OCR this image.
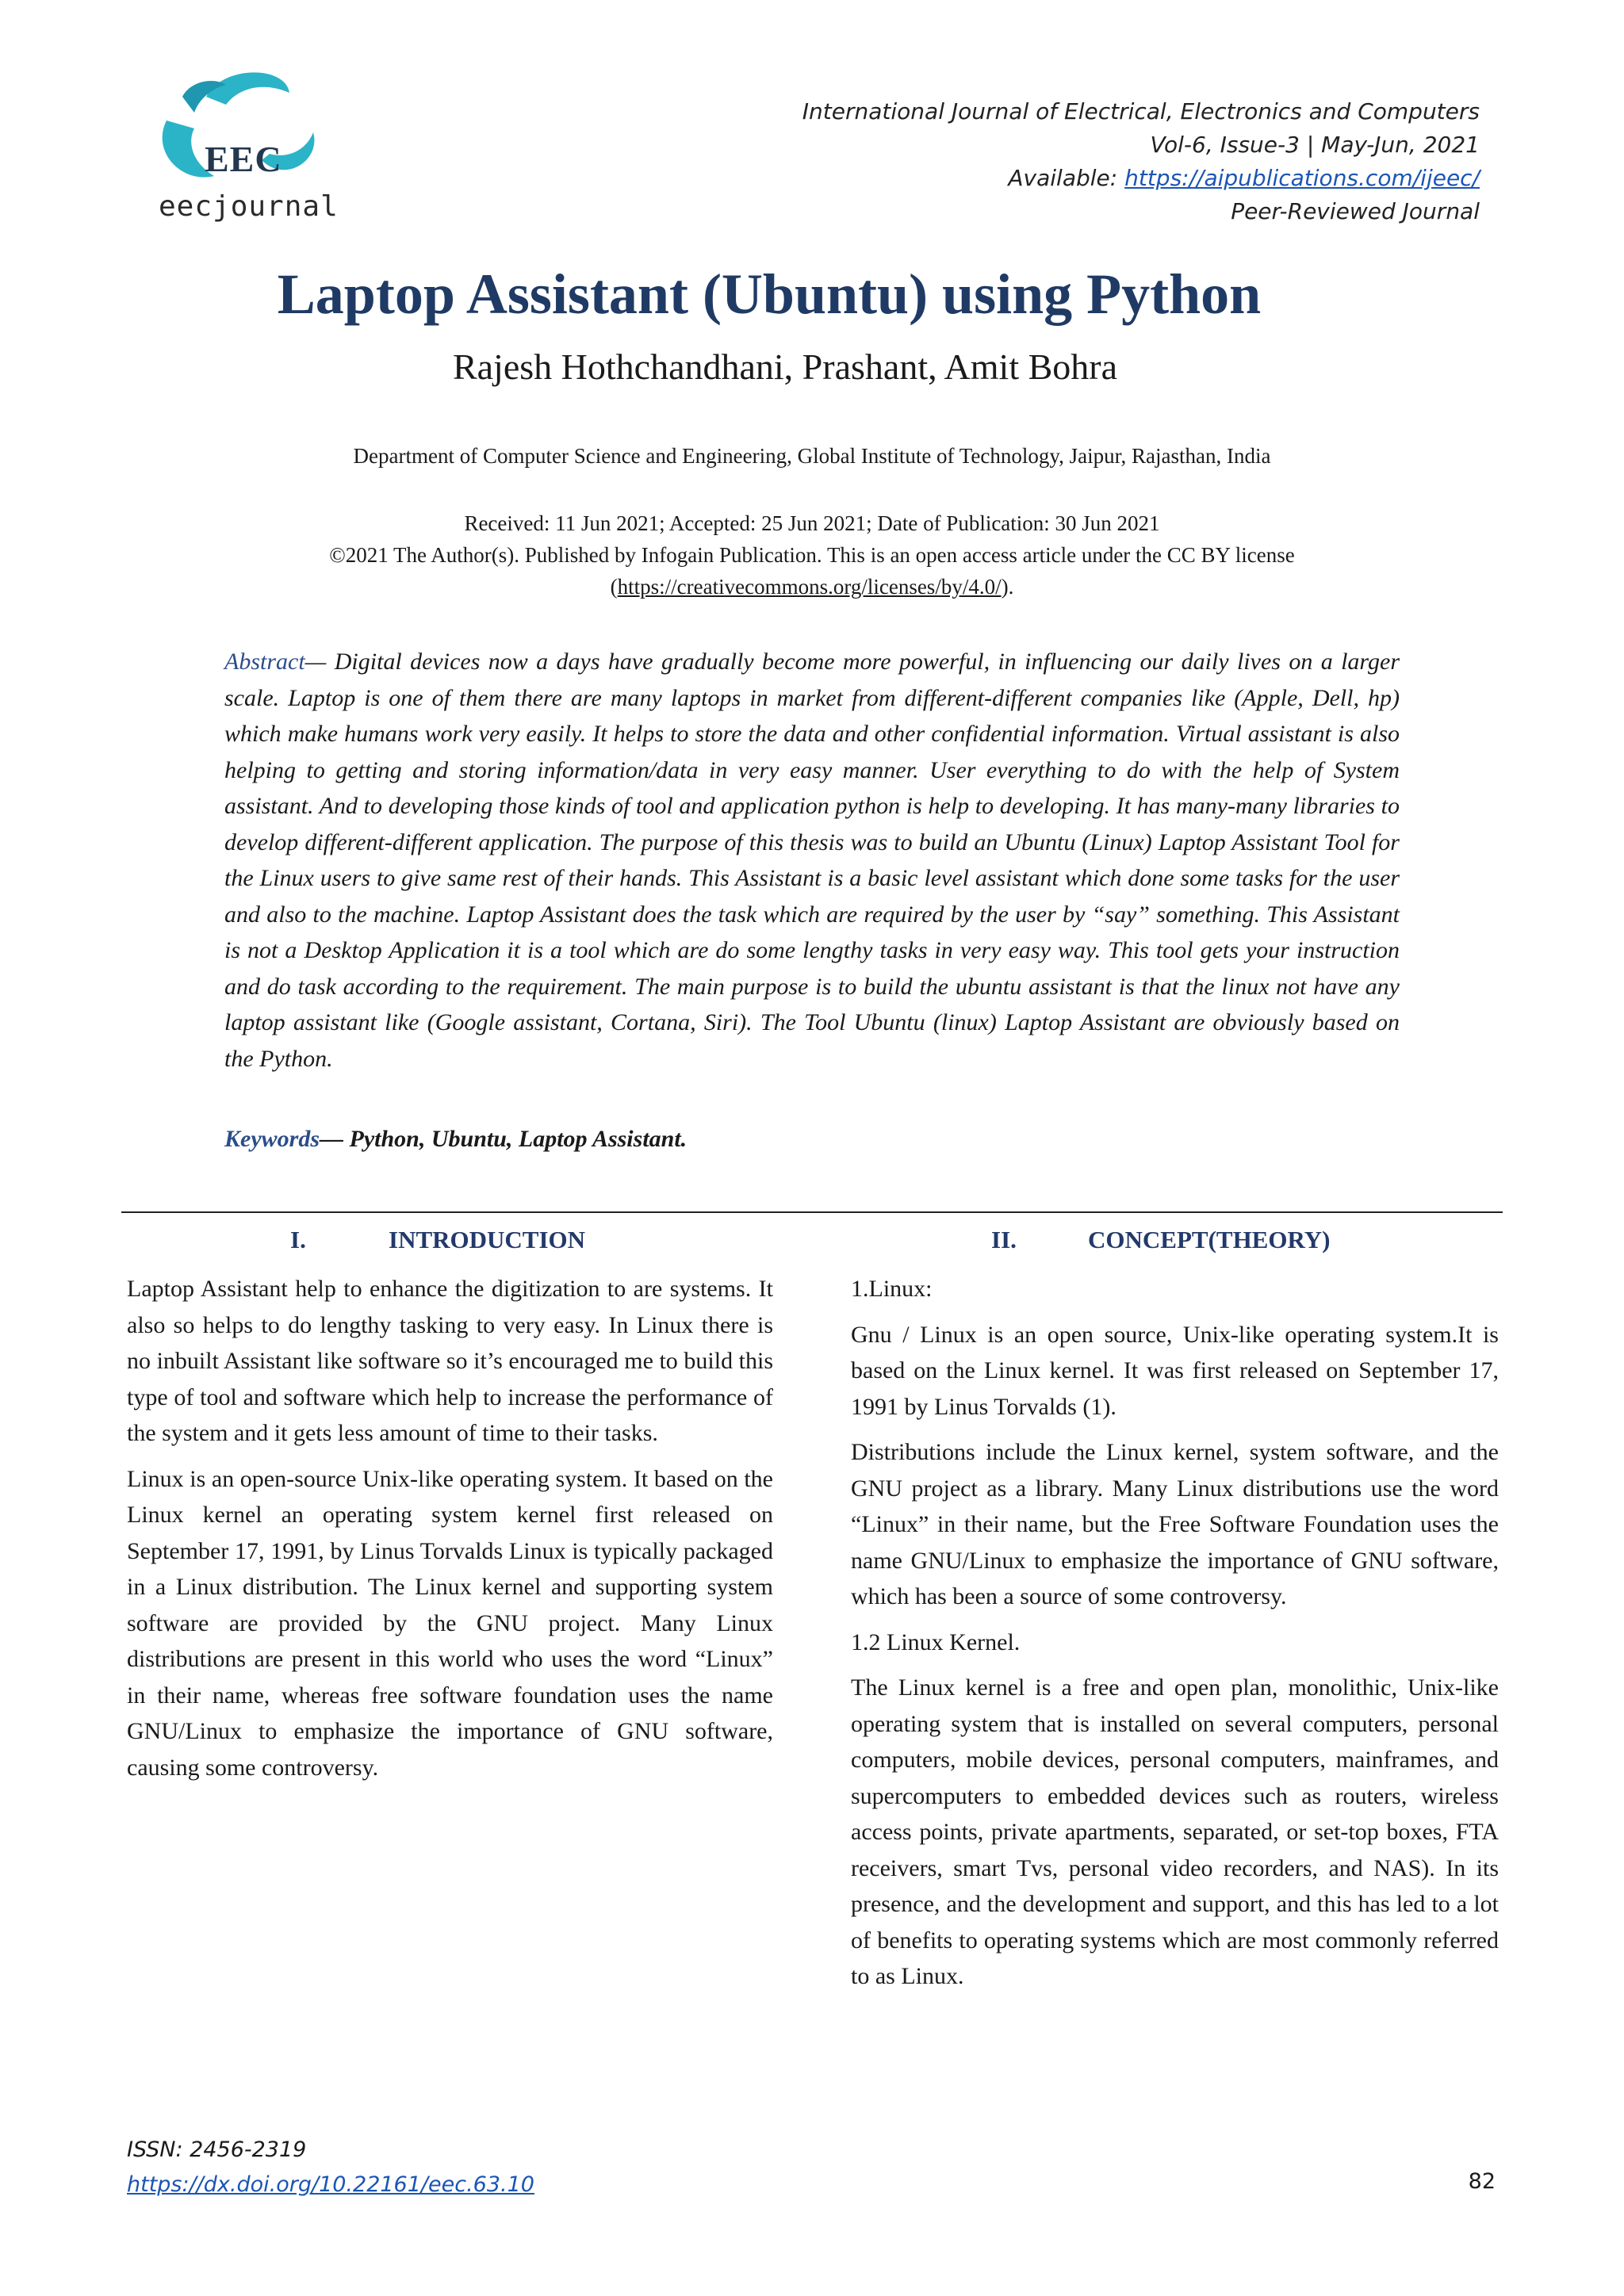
EEC
eecjournal
International Journal of Electrical, Electronics and Computers
Vol-6, Issue-3 | May-Jun, 2021
Available: https://aipublications.com/ijeec/
Peer-Reviewed Journal
Laptop Assistant (Ubuntu) using Python
Rajesh Hothchandhani, Prashant, Amit Bohra
Department of Computer Science and Engineering, Global Institute of Technology, Jaipur, Rajasthan, India
Received: 11 Jun 2021; Accepted: 25 Jun 2021; Date of Publication: 30 Jun 2021
©2021 The Author(s). Published by Infogain Publication. This is an open access article under the CC BY license
(https://creativecommons.org/licenses/by/4.0/).
Abstract— Digital devices now a days have gradually become more powerful, in influencing our daily lives on a larger scale. Laptop is one of them there are many laptops in market from different-different companies like (Apple, Dell, hp) which make humans work very easily. It helps to store the data and other confidential information. Virtual assistant is also helping to getting and storing information/data in very easy manner. User everything to do with the help of System assistant. And to developing those kinds of tool and application python is help to developing. It has many-many libraries to develop different-different application. The purpose of this thesis was to build an Ubuntu (Linux) Laptop Assistant Tool for the Linux users to give same rest of their hands. This Assistant is a basic level assistant which done some tasks for the user and also to the machine. Laptop Assistant does the task which are required by the user by “say” something. This Assistant is not a Desktop Application it is a tool which are do some lengthy tasks in very easy way. This tool gets your instruction and do task according to the requirement. The main purpose is to build the ubuntu assistant is that the linux not have any laptop assistant like (Google assistant, Cortana, Siri). The Tool Ubuntu (linux) Laptop Assistant are obviously based on the Python.
Keywords— Python, Ubuntu, Laptop Assistant.
I.	INTRODUCTION	II.	CONCEPT(THEORY)

Laptop Assistant help to enhance the digitization to are systems. It also so helps to do lengthy tasking to very easy. In Linux there is no inbuilt Assistant like software so it’s encouraged me to build this type of tool and software which help to increase the performance of the system and it gets less amount of time to their tasks.

Linux is an open-source Unix-like operating system. It based on the Linux kernel an operating system kernel first released on September 17, 1991, by Linus Torvalds Linux is typically packaged in a Linux distribution. The Linux kernel and supporting system software are provided by the GNU project. Many Linux distributions are present in this world who uses the word “Linux” in their name, whereas free software foundation uses the name GNU/Linux to emphasize the importance of GNU software, causing some controversy.

1.Linux:

Gnu / Linux is an open source, Unix-like operating system.It is based on the Linux kernel. It was first released on September 17, 1991 by Linus Torvalds (1).

Distributions include the Linux kernel, system software, and the GNU project as a library. Many Linux distributions use the word “Linux” in their name, but the Free Software Foundation uses the name GNU/Linux to emphasize the importance of GNU software, which has been a source of some controversy.

1.2 Linux Kernel.

The Linux kernel is a free and open plan, monolithic, Unix-like operating system that is installed on several computers, personal computers, mobile devices, personal computers, mainframes, and supercomputers to embedded devices such as routers, wireless access points, private apartments, separated, or set-top boxes, FTA receivers, smart Tvs, personal video recorders, and NAS). In its presence, and the development and support, and this has led to a lot of benefits to operating systems which are most commonly referred to as Linux.

ISSN: 2456-2319
https://dx.doi.org/10.22161/eec.63.10	82
